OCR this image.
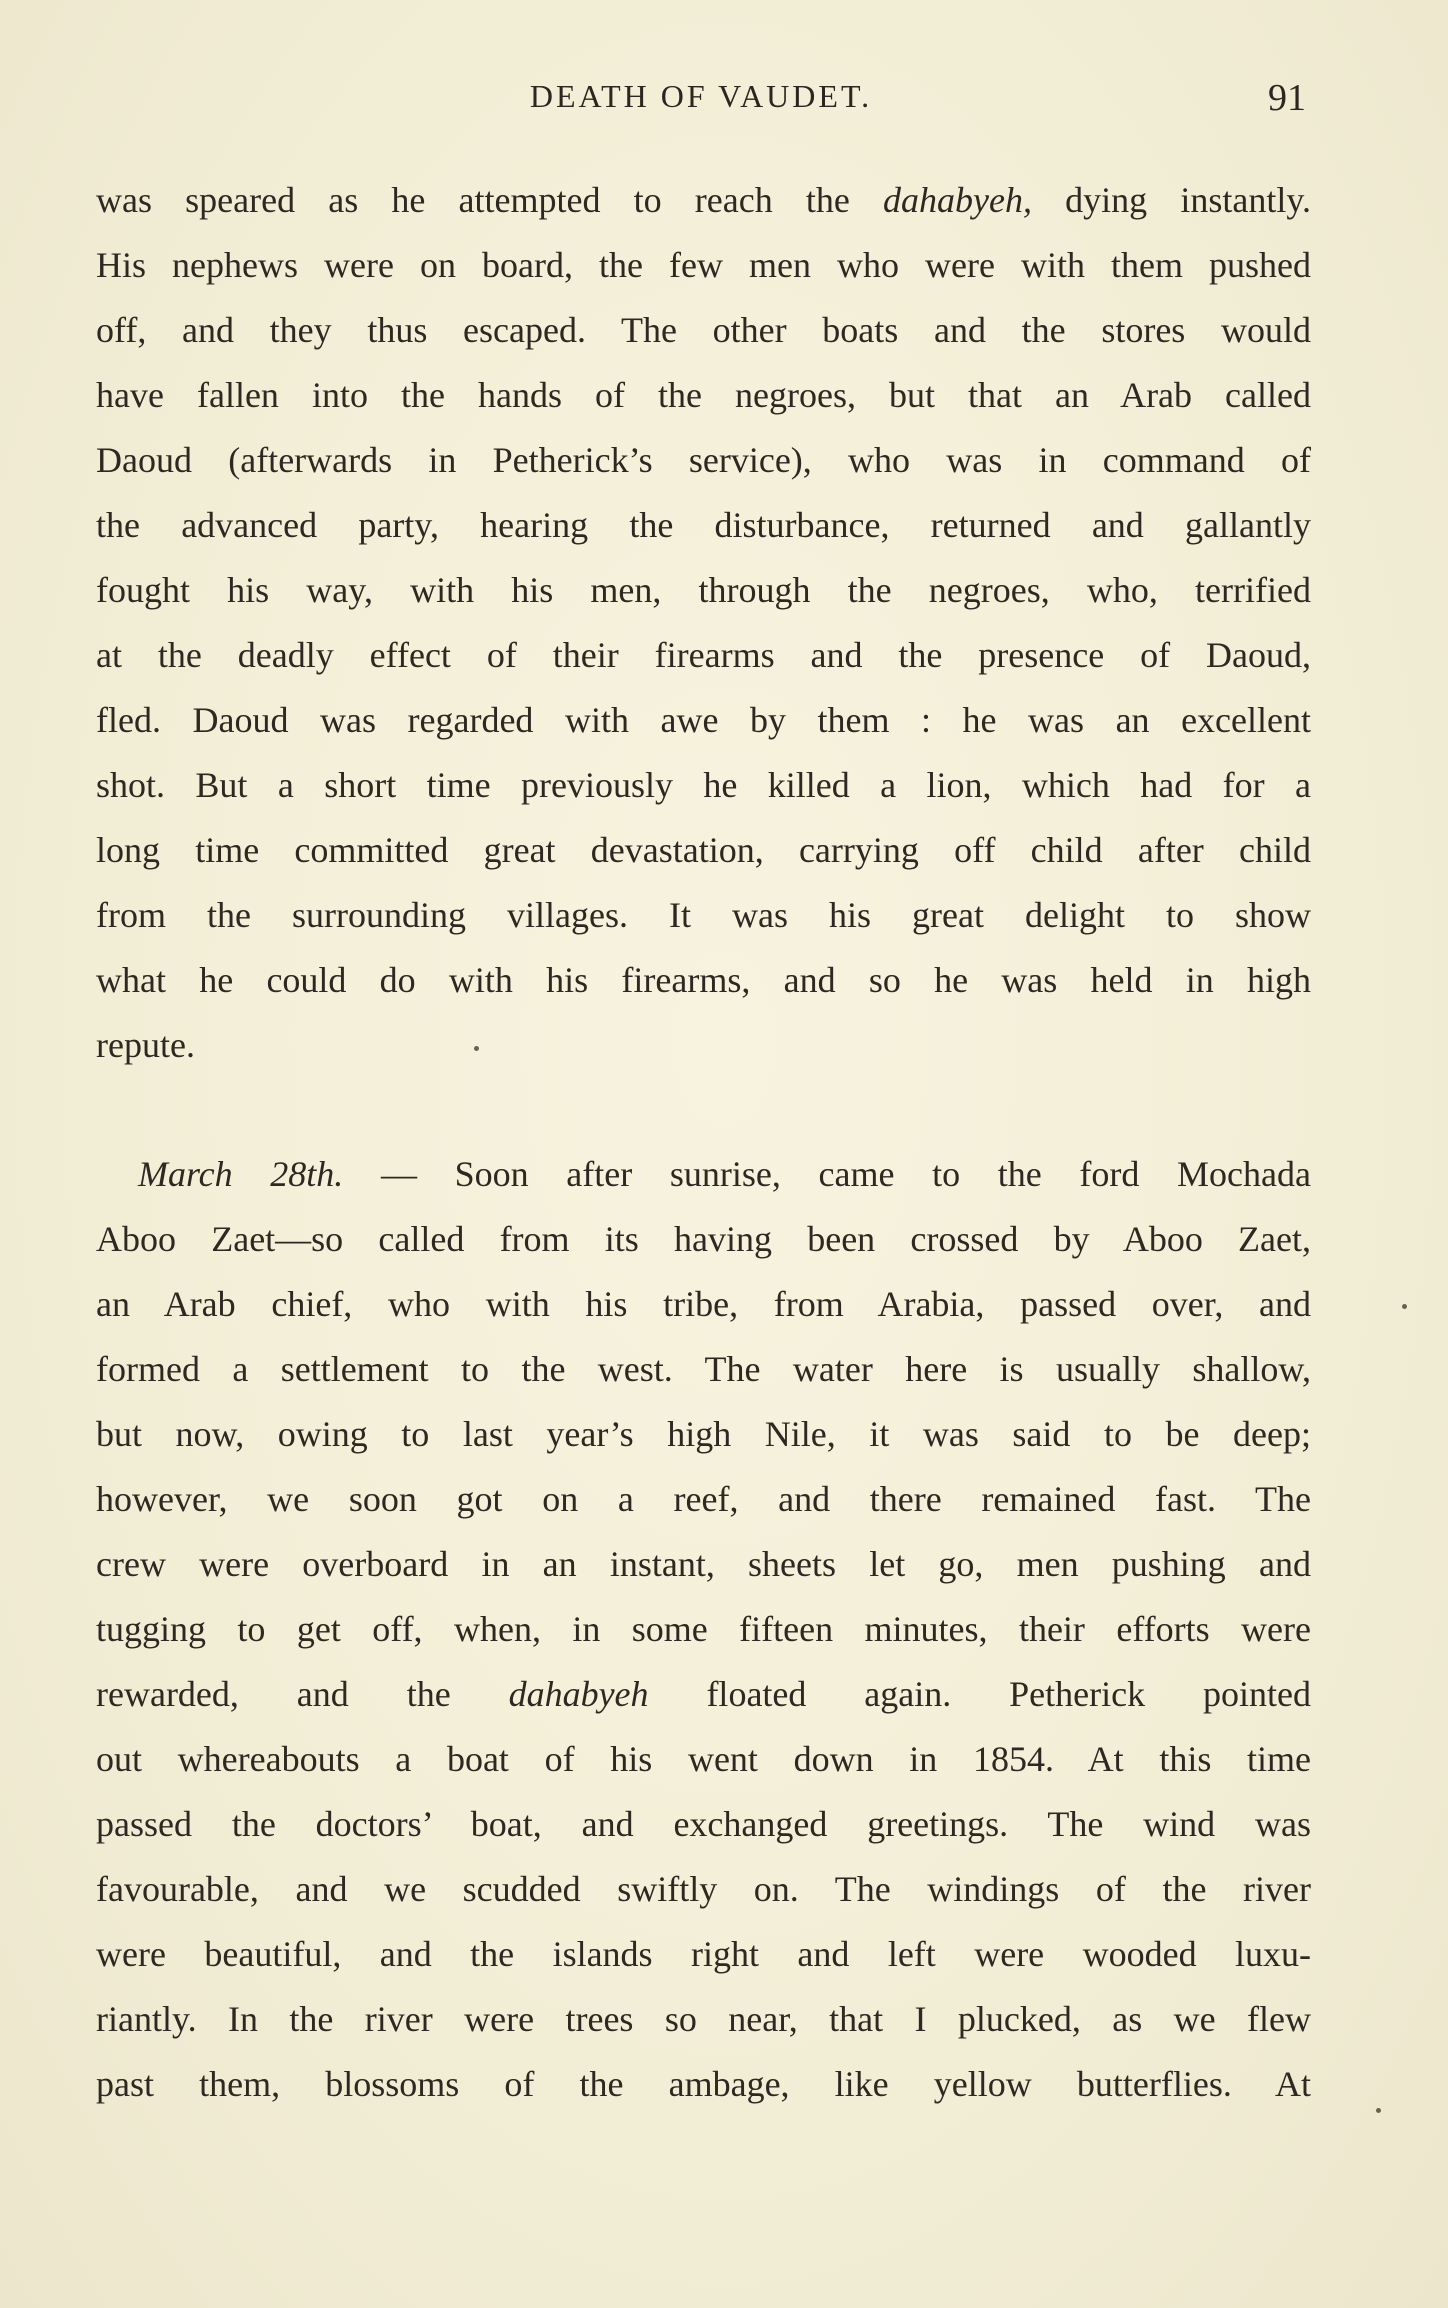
DEATH OF VAUDET.	91
was speared as he attempted to reach the dahabyeh, dying instantly.
His nephews were on board, the few men who were with them pushed
off, and they thus escaped. The other boats and the stores would
have fallen into the hands of the negroes, but that an Arab called
Daoud (afterwards in Petherick’s service), who was in command of
the advanced party, hearing the disturbance, returned and gallantly
fought his way, with his men, through the negroes, who, terrified
at the deadly effect of their firearms and the presence of Daoud,
fled. Daoud was regarded with awe by them : he was an excellent
shot. But a short time previously he killed a lion, which had for a
long time committed great devastation, carrying off child after child
from the surrounding villages. It was his great delight to show
what he could do with his firearms, and so he was held in high
repute.
March 28th. — Soon after sunrise, came to the ford Mochada
Aboo Zaet—so called from its having been crossed by Aboo Zaet,
an Arab chief, who with his tribe, from Arabia, passed over, and
formed a settlement to the west. The water here is usually shallow,
but now, owing to last year’s high Nile, it was said to be deep;
however, we soon got on a reef, and there remained fast. The
crew were overboard in an instant, sheets let go, men pushing and
tugging to get off, when, in some fifteen minutes, their efforts were
rewarded, and the dahabyeh floated again. Petherick pointed
out whereabouts a boat of his went down in 1854. At this time
passed the doctors’ boat, and exchanged greetings. The wind was
favourable, and we scudded swiftly on. The windings of the river
were beautiful, and the islands right and left were wooded luxu-
riantly. In the river were trees so near, that I plucked, as we flew
past them, blossoms of the ambage, like yellow butterflies. At
